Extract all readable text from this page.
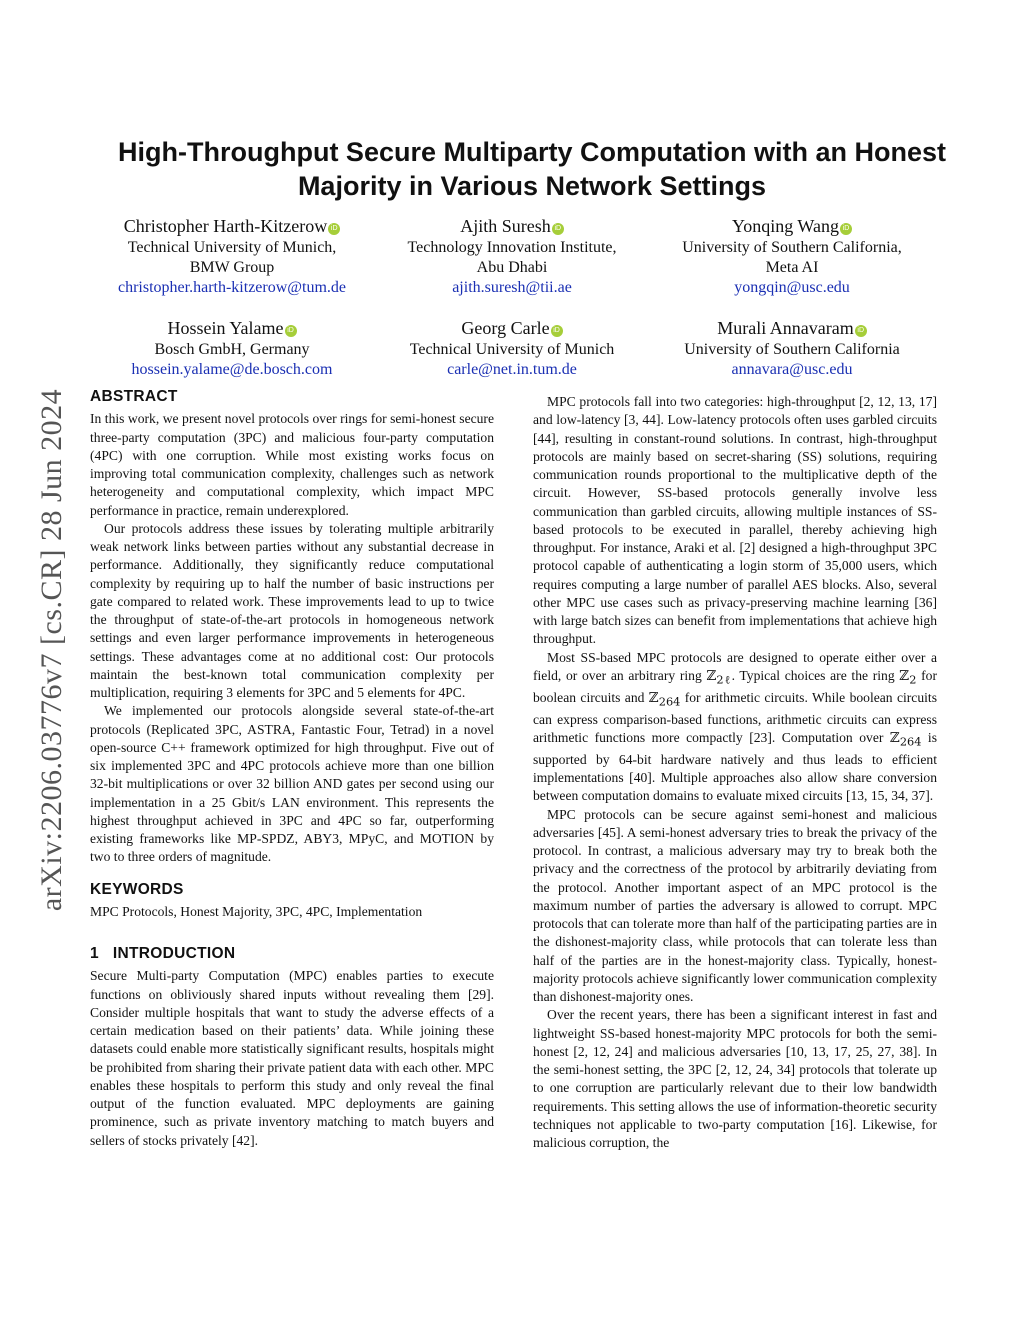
arXiv:2206.03776v7 [cs.CR] 28 Jun 2024
High-Throughput Secure Multiparty Computation with an Honest Majority in Various Network Settings
Christopher Harth-Kitzerow iD
Technical University of Munich,
BMW Group
christopher.harth-kitzerow@tum.de
Ajith Suresh iD
Technology Innovation Institute,
Abu Dhabi
ajith.suresh@tii.ae
Yonqing Wang iD
University of Southern California,
Meta AI
yongqin@usc.edu
Hossein Yalame iD
Bosch GmbH, Germany
hossein.yalame@de.bosch.com
Georg Carle iD
Technical University of Munich
carle@net.in.tum.de
Murali Annavaram iD
University of Southern California
annavara@usc.edu
ABSTRACT

In this work, we present novel protocols over rings for semi-honest secure three-party computation (3PC) and malicious four-party computation (4PC) with one corruption. While most existing works focus on improving total communication complexity, challenges such as network heterogeneity and computational complexity, which impact MPC performance in practice, remain underexplored.

Our protocols address these issues by tolerating multiple arbitrarily weak network links between parties without any substantial decrease in performance. Additionally, they significantly reduce computational complexity by requiring up to half the number of basic instructions per gate compared to related work. These improvements lead to up to twice the throughput of state-of-the-art protocols in homogeneous network settings and even larger performance improvements in heterogeneous settings. These advantages come at no additional cost: Our protocols maintain the best-known total communication complexity per multiplication, requiring 3 elements for 3PC and 5 elements for 4PC.

We implemented our protocols alongside several state-of-the-art protocols (Replicated 3PC, ASTRA, Fantastic Four, Tetrad) in a novel open-source C++ framework optimized for high throughput. Five out of six implemented 3PC and 4PC protocols achieve more than one billion 32-bit multiplications or over 32 billion AND gates per second using our implementation in a 25 Gbit/s LAN environment. This represents the highest throughput achieved in 3PC and 4PC so far, outperforming existing frameworks like MP-SPDZ, ABY3, MPyC, and MOTION by two to three orders of magnitude.

KEYWORDS

MPC Protocols, Honest Majority, 3PC, 4PC, Implementation

1 INTRODUCTION

Secure Multi-party Computation (MPC) enables parties to execute functions on obliviously shared inputs without revealing them [29]. Consider multiple hospitals that want to study the adverse effects of a certain medication based on their patients’ data. While joining these datasets could enable more statistically significant results, hospitals might be prohibited from sharing their private patient data with each other. MPC enables these hospitals to perform this study and only reveal the final output of the function evaluated. MPC deployments are gaining prominence, such as private inventory matching to match buyers and sellers of stocks privately [42].

MPC protocols fall into two categories: high-throughput [2, 12, 13, 17] and low-latency [3, 44]. Low-latency protocols often uses garbled circuits [44], resulting in constant-round solutions. In contrast, high-throughput protocols are mainly based on secret-sharing (SS) solutions, requiring communication rounds proportional to the multiplicative depth of the circuit. However, SS-based protocols generally involve less communication than garbled circuits, allowing multiple instances of SS-based protocols to be executed in parallel, thereby achieving high throughput. For instance, Araki et al. [2] designed a high-throughput 3PC protocol capable of authenticating a login storm of 35,000 users, which requires computing a large number of parallel AES blocks. Also, several other MPC use cases such as privacy-preserving machine learning [36] with large batch sizes can benefit from implementations that achieve high throughput.

Most SS-based MPC protocols are designed to operate either over a field, or over an arbitrary ring ℤ$_{2\ell}$. Typical choices are the ring ℤ$_2$ for boolean circuits and ℤ$_{264}$ for arithmetic circuits. While boolean circuits can express comparison-based functions, arithmetic circuits can express arithmetic functions more compactly [23]. Computation over ℤ$_{264}$ is supported by 64-bit hardware natively and thus leads to efficient implementations [40]. Multiple approaches also allow share conversion between computation domains to evaluate mixed circuits [13, 15, 34, 37].

MPC protocols can be secure against semi-honest and malicious adversaries [45]. A semi-honest adversary tries to break the privacy of the protocol. In contrast, a malicious adversary may try to break both the privacy and the correctness of the protocol by arbitrarily deviating from the protocol. Another important aspect of an MPC protocol is the maximum number of parties the adversary is allowed to corrupt. MPC protocols that can tolerate more than half of the participating parties are in the dishonest-majority class, while protocols that can tolerate less than half of the parties are in the honest-majority class. Typically, honest-majority protocols achieve significantly lower communication complexity than dishonest-majority ones.

Over the recent years, there has been a significant interest in fast and lightweight SS-based honest-majority MPC protocols for both the semi-honest [2, 12, 24] and malicious adversaries [10, 13, 17, 25, 27, 38]. In the semi-honest setting, the 3PC [2, 12, 24, 34] protocols that tolerate up to one corruption are particularly relevant due to their low bandwidth requirements. This setting allows the use of information-theoretic security techniques not applicable to two-party computation [16]. Likewise, for malicious corruption, the
